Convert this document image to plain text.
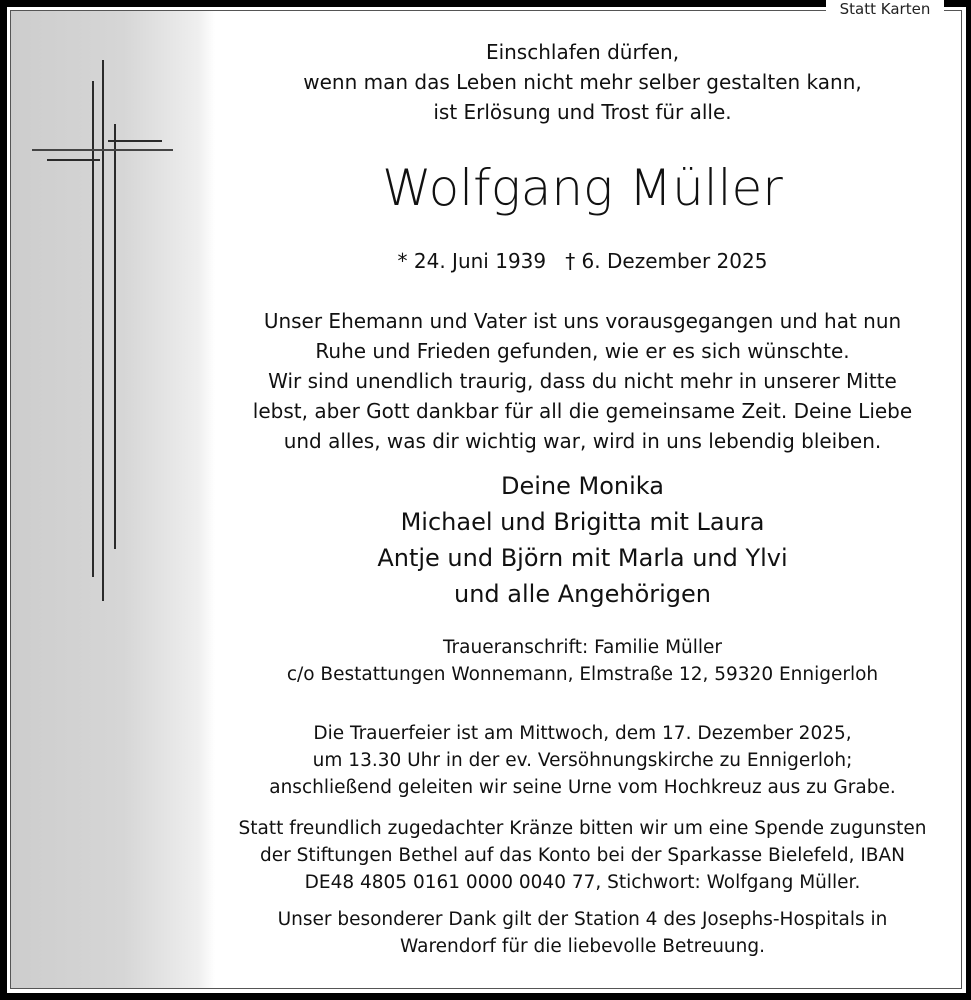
Statt Karten
Einschlafen dürfen,
wenn man das Leben nicht mehr selber gestalten kann,
ist Erlösung und Trost für alle.
Wolfgang Müller
* 24. Juni 1939   † 6. Dezember 2025
Unser Ehemann und Vater ist uns vorausgegangen und hat nun
Ruhe und Frieden gefunden, wie er es sich wünschte.
Wir sind unendlich traurig, dass du nicht mehr in unserer Mitte
lebst, aber Gott dankbar für all die gemeinsame Zeit. Deine Liebe
und alles, was dir wichtig war, wird in uns lebendig bleiben.
Deine Monika
Michael und Brigitta mit Laura
Antje und Björn mit Marla und Ylvi
und alle Angehörigen
Traueranschrift: Familie Müller
c/o Bestattungen Wonnemann, Elmstraße 12, 59320 Ennigerloh
Die Trauerfeier ist am Mittwoch, dem 17. Dezember 2025,
um 13.30 Uhr in der ev. Versöhnungskirche zu Ennigerloh;
anschließend geleiten wir seine Urne vom Hochkreuz aus zu Grabe.
Statt freundlich zugedachter Kränze bitten wir um eine Spende zugunsten
der Stiftungen Bethel auf das Konto bei der Sparkasse Bielefeld, IBAN
DE48 4805 0161 0000 0040 77, Stichwort: Wolfgang Müller.
Unser besonderer Dank gilt der Station 4 des Josephs-Hospitals in
Warendorf für die liebevolle Betreuung.
